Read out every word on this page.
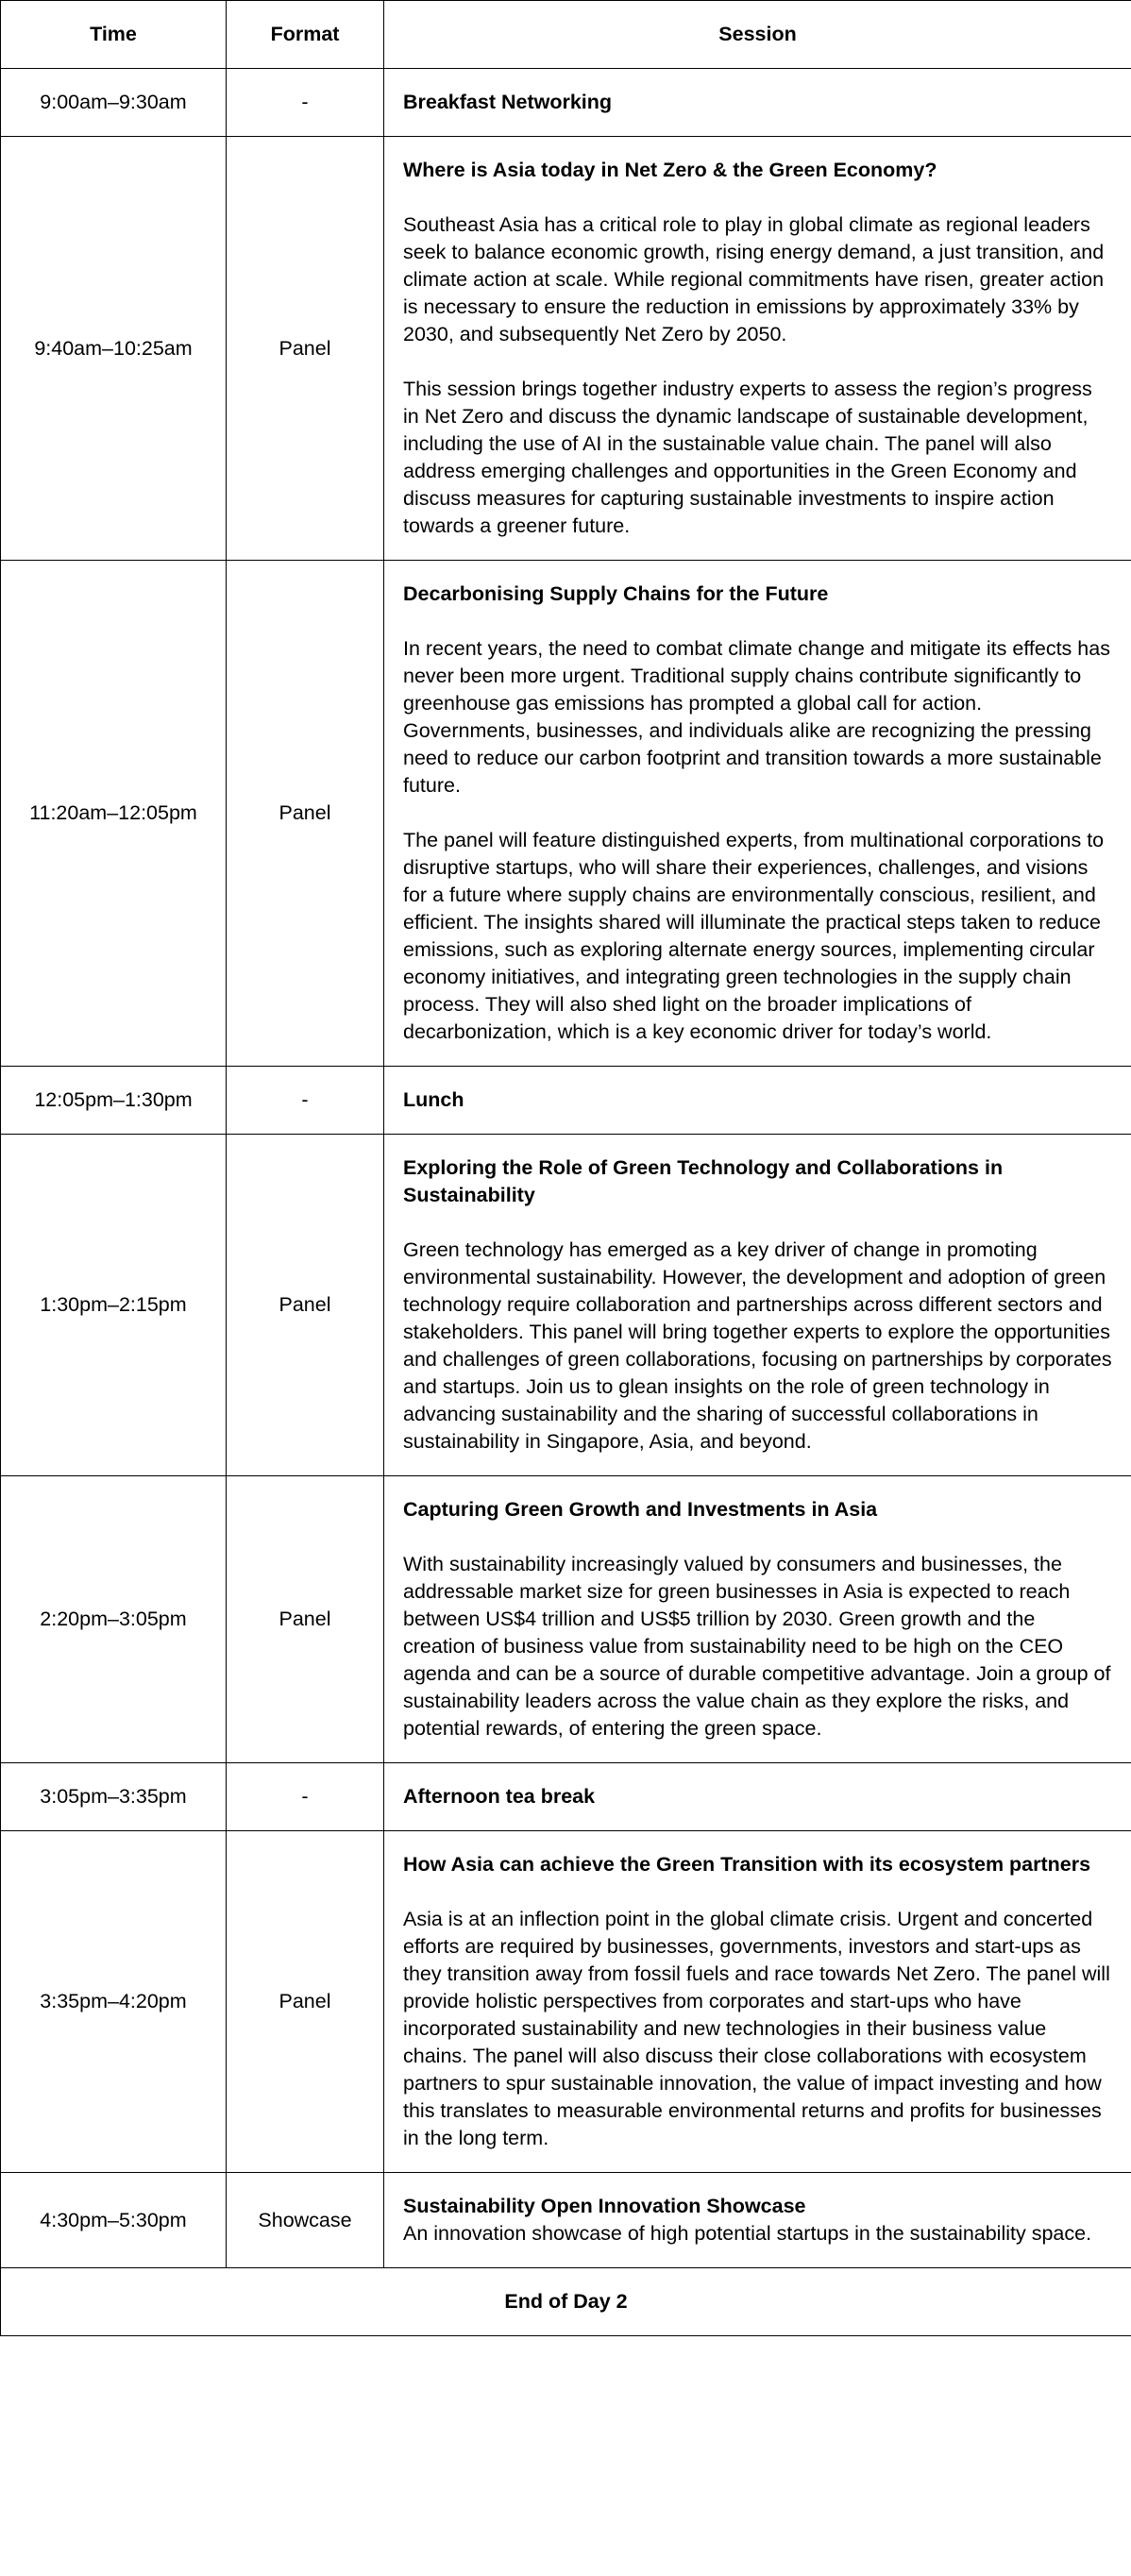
Time	Format	Session
9:00am–9:30am	-	Breakfast Networking

9:40am–10:25am	Panel	Where is Asia today in Net Zero & the Green Economy?
Southeast Asia has a critical role to play in global climate as regional leaders seek to balance economic growth, rising energy demand, a just transition, and climate action at scale. While regional commitments have risen, greater action is necessary to ensure the reduction in emissions by approximately 33% by 2030, and subsequently Net Zero by 2050.
This session brings together industry experts to assess the region’s progress in Net Zero and discuss the dynamic landscape of sustainable development, including the use of AI in the sustainable value chain. The panel will also address emerging challenges and opportunities in the Green Economy and discuss measures for capturing sustainable investments to inspire action towards a greener future.

11:20am–12:05pm	Panel	Decarbonising Supply Chains for the Future
In recent years, the need to combat climate change and mitigate its effects has never been more urgent. Traditional supply chains contribute significantly to greenhouse gas emissions has prompted a global call for action. Governments, businesses, and individuals alike are recognizing the pressing need to reduce our carbon footprint and transition towards a more sustainable future.
The panel will feature distinguished experts, from multinational corporations to disruptive startups, who will share their experiences, challenges, and visions for a future where supply chains are environmentally conscious, resilient, and efficient. The insights shared will illuminate the practical steps taken to reduce emissions, such as exploring alternate energy sources, implementing circular economy initiatives, and integrating green technologies in the supply chain process. They will also shed light on the broader implications of decarbonization, which is a key economic driver for today’s world.

12:05pm–1:30pm	-	Lunch

1:30pm–2:15pm	Panel	Exploring the Role of Green Technology and Collaborations in Sustainability
Green technology has emerged as a key driver of change in promoting environmental sustainability. However, the development and adoption of green technology require collaboration and partnerships across different sectors and stakeholders. This panel will bring together experts to explore the opportunities and challenges of green collaborations, focusing on partnerships by corporates and startups. Join us to glean insights on the role of green technology in advancing sustainability and the sharing of successful collaborations in sustainability in Singapore, Asia, and beyond.

2:20pm–3:05pm	Panel	Capturing Green Growth and Investments in Asia
With sustainability increasingly valued by consumers and businesses, the addressable market size for green businesses in Asia is expected to reach between US$4 trillion and US$5 trillion by 2030. Green growth and the creation of business value from sustainability need to be high on the CEO agenda and can be a source of durable competitive advantage. Join a group of sustainability leaders across the value chain as they explore the risks, and potential rewards, of entering the green space.

3:05pm–3:35pm	-	Afternoon tea break

3:35pm–4:20pm	Panel	How Asia can achieve the Green Transition with its ecosystem partners
Asia is at an inflection point in the global climate crisis. Urgent and concerted efforts are required by businesses, governments, investors and start-ups as they transition away from fossil fuels and race towards Net Zero. The panel will provide holistic perspectives from corporates and start-ups who have incorporated sustainability and new technologies in their business value chains. The panel will also discuss their close collaborations with ecosystem partners to spur sustainable innovation, the value of impact investing and how this translates to measurable environmental returns and profits for businesses in the long term.

4:30pm–5:30pm	Showcase	Sustainability Open Innovation Showcase
An innovation showcase of high potential startups in the sustainability space.

End of Day 2		
